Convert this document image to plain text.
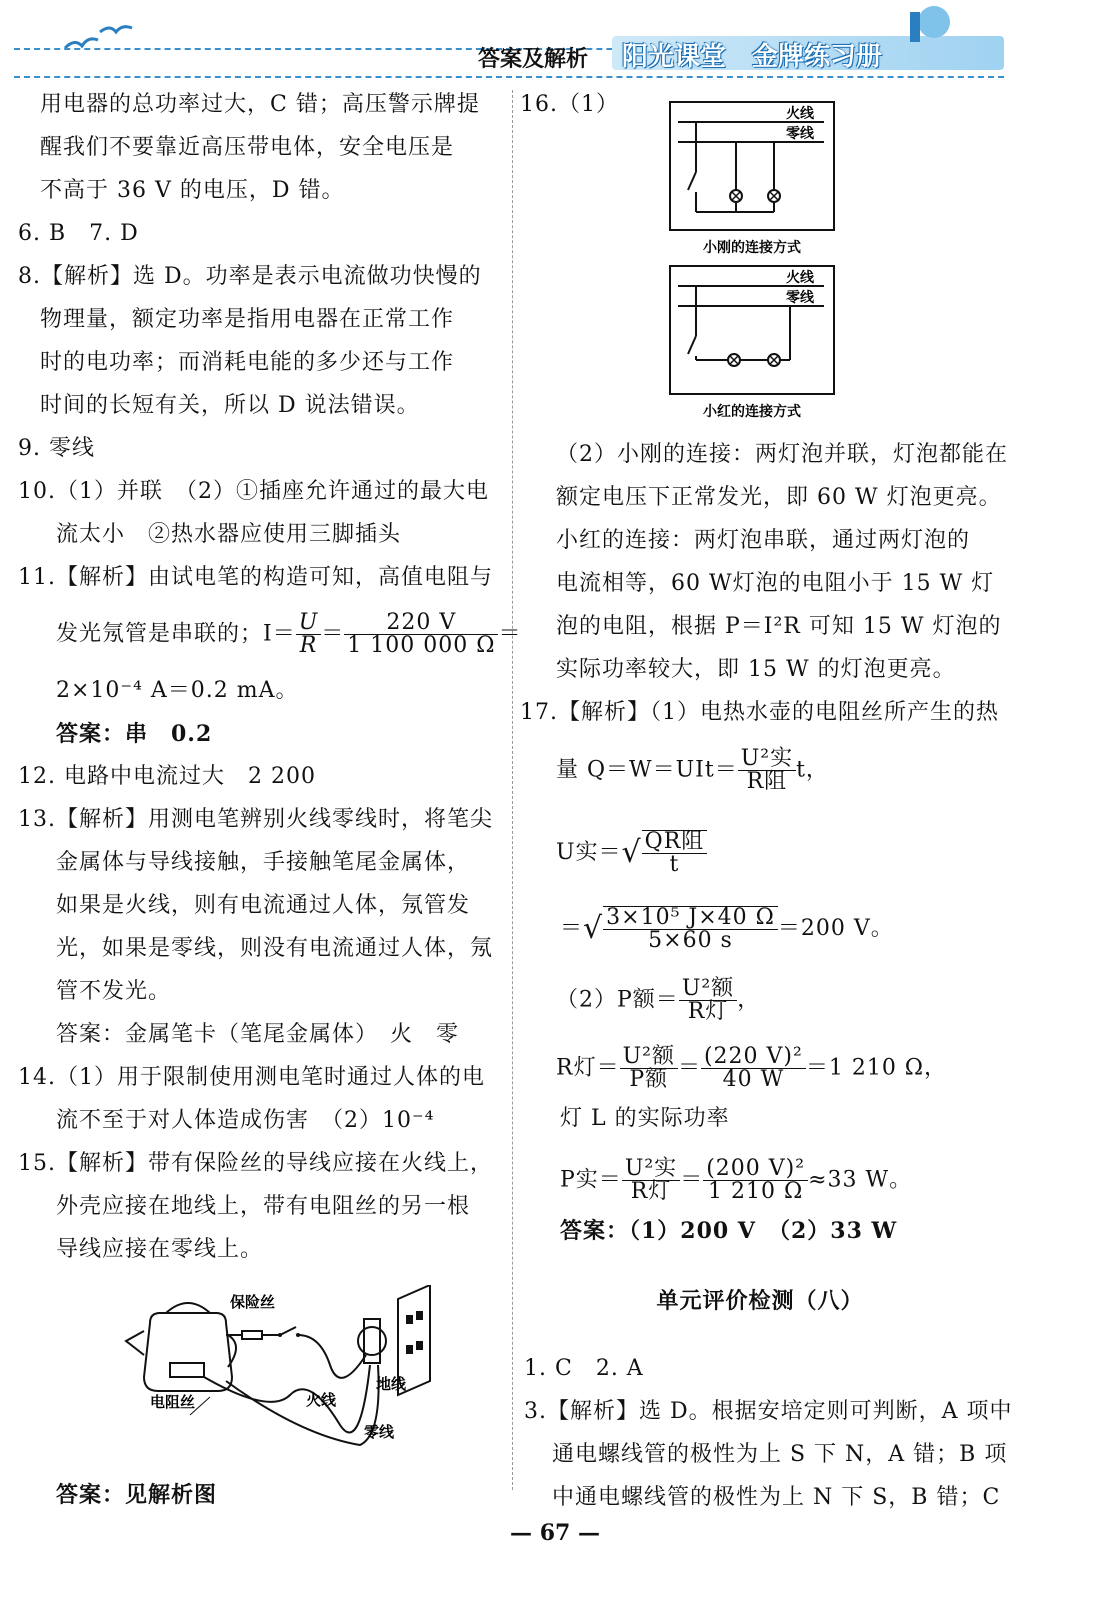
答案及解析 阳光课堂 金牌练习册
用电器的总功率过大，C 错；高压警示牌提
醒我们不要靠近高压带电体，安全电压是
不高于 36 V 的电压，D 错。
6. B　7. D
8.【解析】选 D。功率是表示电流做功快慢的
物理量，额定功率是指用电器在正常工作
时的电功率；而消耗电能的多少还与工作
时间的长短有关，所以 D 说法错误。
9. 零线
10.（1）并联　（2）①插座允许通过的最大电
流太小　②热水器应使用三脚插头
11.【解析】由试电笔的构造可知，高值电阻与
发光氖管是串联的；$I= \frac{U}{R} = \frac{220 V}{1 100 000 \Omega}$ ＝
2×10⁻⁴ A＝0.2 mA。
答案：串　0.2
12. 电路中电流过大　2 200
13.【解析】用测电笔辨别火线零线时，将笔尖
金属体与导线接触，手接触笔尾金属体，
如果是火线，则有电流通过人体，氖管发
光，如果是零线，则没有电流通过人体，氖
管不发光。
答案：金属笔卡（笔尾金属体）　火　零
14.（1）用于限制使用测电笔时通过人体的电
流不至于对人体造成伤害　（2）10⁻⁴
15.【解析】带有保险丝的导线应接在火线上，
外壳应接在地线上，带有电阻丝的另一根
导线应接在零线上。
保险丝
电阻丝	火线
地线
零线
答案：见解析图
16.（1）	火线
零线
小刚的连接方式
火线
零线
小红的连接方式
（2）小刚的连接：两灯泡并联，灯泡都能在
额定电压下正常发光，即 60 W 灯泡更亮。
小红的连接：两灯泡串联，通过两灯泡的
电流相等，60 W灯泡的电阻小于 15 W 灯
泡的电阻，根据 P＝I²R 可知 15 W 灯泡的
实际功率较大，即 15 W 的灯泡更亮。
17.【解析】（1）电热水壶的电阻丝所产生的热
量 $Q=W=UIt= \frac{\text{U²实}}{\text{R阻}}$ t，
U实＝√ $\frac{\text{QR阻}}{t}$
＝√ $\frac{\text{3×10⁵ J×40 Ω}}{5\times 60 s} =200$ V。
（2）P额＝ $\frac{\text{U²额}}{\text{R灯}}$ ，
R灯＝ $\frac{\text{U²额}}{\text{P额}} = \frac{\text{(220 V)²}}{40 W} =1$ 210 Ω，
灯 L 的实际功率
P实＝ $\frac{\text{U²实}}{\text{R灯}} = \frac{\text{(200 V)²}}{1 210 \Omega} \approx 33$ W。
答案：（1）200 V　（2）33 W
单元评价检测（八）
1. C　2. A
3.【解析】选 D。根据安培定则可判断，A 项中
通电螺线管的极性为上 S 下 N，A 错；B 项
中通电螺线管的极性为上 N 下 S，B 错；C
— 67 —
